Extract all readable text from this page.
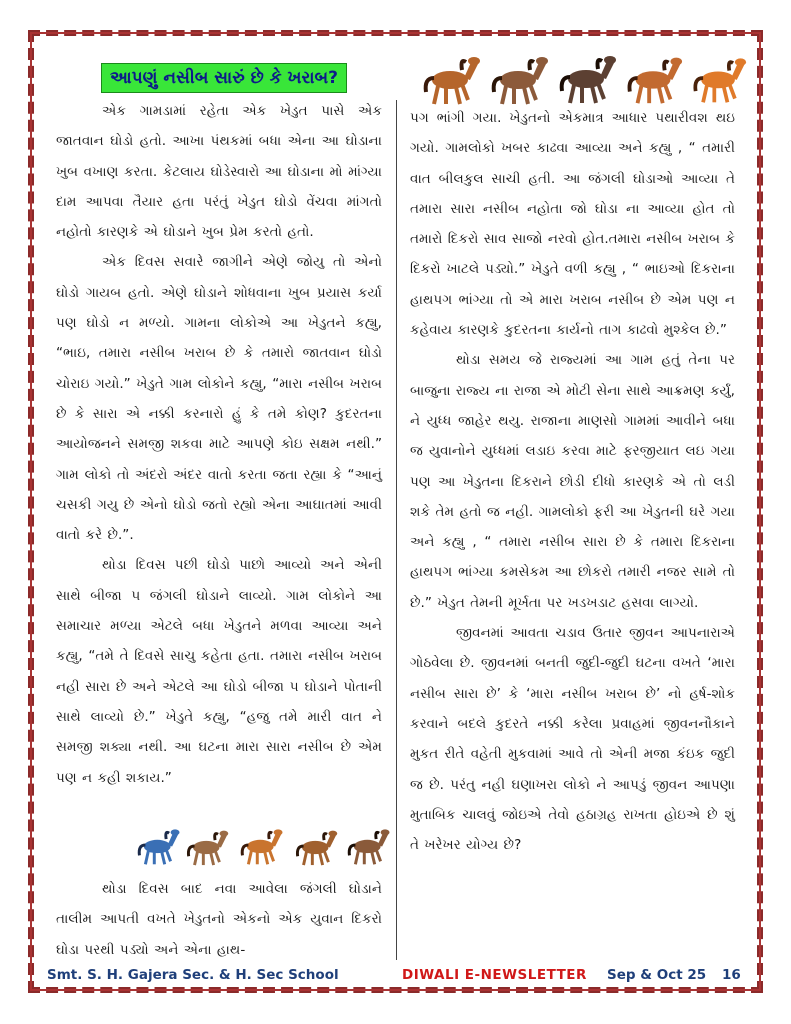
આપણું નસીબ સારું છે કે ખરાબ?

એક ગામડામાં રહેતા એક ખેડુત પાસે એક જાતવાન ઘોડો હતો. આખા પંથકમાં બધા એના આ ઘોડાના ખુબ વખાણ કરતા. કેટલાય ઘોડેસ્વારો આ ઘોડાના મો માંગ્યા દામ આપવા તૈયાર હતા પરંતું ખેડુત ઘોડો વેંચવા માંગતો નહોતો કારણકે એ ઘોડાને ખુબ પ્રેમ કરતો હતો.

એક દિવસ સવારે જાગીને એણે જોયુ તો એનો ઘોડો ગાયબ હતો. એણે ઘોડાને શોધવાના ખુબ પ્રયાસ કર્યા પણ ઘોડો ન મળ્યો. ગામના લોકોએ આ ખેડુતને કહ્યુ, “ભાઇ, તમારા નસીબ ખરાબ છે કે તમારો જાતવાન ઘોડો ચોરાઇ ગયો.” ખેડુતે ગામ લોકોને કહ્યુ, “મારા નસીબ ખરાબ છે કે સારા એ નક્કી કરનારો હું કે તમે કોણ? કુદરતના આયોજનને સમજી શકવા માટે આપણે કોઇ સક્ષમ નથી.” ગામ લોકો તો અંદરો અંદર વાતો કરતા જતા રહ્યા કે “આનું ચસકી ગયુ છે એનો ઘોડો જતો રહ્યો એના આઘાતમાં આવી વાતો કરે છે.”.

થોડા દિવસ પછી ઘોડો પાછો આવ્યો અને એની સાથે બીજા ૫ જંગલી ઘોડાને લાવ્યો. ગામ લોકોને આ સમાચાર મળ્યા એટલે બધા ખેડુતને મળવા આવ્યા અને કહ્યુ, “તમે તે દિવસે સાચુ કહેતા હતા. તમારા નસીબ ખરાબ નહી સારા છે અને એટલે આ ઘોડો બીજા ૫ ઘોડાને પોતાની સાથે લાવ્યો છે.” ખેડુતે કહ્યુ, “હજુ તમે મારી વાત ને સમજી શક્યા નથી. આ ઘટના મારા સારા નસીબ છે એમ પણ ન કહી શકાય.”

થોડા દિવસ બાદ નવા આવેલા જંગલી ઘોડાને તાલીમ આપતી વખતે ખેડુતનો એકનો એક યુવાન દિકરો ઘોડા પરથી પડ્યો અને એના હાથ-

પગ ભાંગી ગયા. ખેડુતનો એકમાત્ર આધાર પથારીવશ થઇ ગયો. ગામલોકો ખબર કાઢવા આવ્યા અને કહ્યુ , “ તમારી વાત બીલકુલ સાચી હતી. આ જંગલી ઘોડાઓ આવ્યા તે તમારા સારા નસીબ નહોતા જો ઘોડા ના આવ્યા હોત તો તમારો દિકરો સાવ સાજો નરવો હોત.તમારા નસીબ ખરાબ કે દિકરો ખાટલે પડ્યો.” ખેડુતે વળી કહ્યુ , “ ભાઇઓ દિકરાના હાથપગ ભાંગ્યા તો એ મારા ખરાબ નસીબ છે એમ પણ ન કહેવાય કારણકે કુદરતના કાર્યનો તાગ કાઢવો મુશ્કેલ છે.”

થોડા સમય જે રાજ્યમાં આ ગામ હતું તેના પર બાજુના રાજ્ય ના રાજા એ મોટી સેના સાથે આક્રમણ કર્યું, ને યુધ્ધ જાહેર થયુ. રાજાના માણસો ગામમાં આવીને બધા જ યુવાનોને યુધ્ધમાં લડાઇ કરવા માટે ફરજીયાત લઇ ગયા પણ આ ખેડુતના દિકરાને છોડી દીધો કારણકે એ તો લડી શકે તેમ હતો જ નહી. ગામલોકો ફરી આ ખેડુતની ઘરે ગયા અને કહ્યુ , “ તમારા નસીબ સારા છે કે તમારા દિકરાના હાથપગ ભાંગ્યા કમસેકમ આ છોકરો તમારી નજર સામે તો છે.” ખેડુત તેમની મૂર્ખતા પર ખડખડાટ હસવા લાગ્યો.

જીવનમાં આવતા ચડાવ ઉતાર જીવન આપનારાએ ગોઠવેલા છે. જીવનમાં બનતી જુદી-જુદી ઘટના વખતે ‘મારા નસીબ સારા છે’ કે ‘મારા નસીબ ખરાબ છે’ નો હર્ષ-શોક કરવાને બદલે કુદરતે નક્કી કરેલા પ્રવાહમાં જીવનનૌકાને મુકત રીતે વહેતી મુકવામાં આવે તો એની મજા કંઇક જુદી જ છે. પરંતુ નહી ઘણાખરા લોકો ને આપડું જીવન આપણા મુતાબિક ચાલવું જોઇએ તેવો હઠાગ્રહ રાખતા હોઇએ છે શું તે ખરેખર યોગ્ય છે?

Smt. S. H. Gajera Sec. & H. Sec School	DIWALI E-NEWSLETTER Sep & Oct 25 16
